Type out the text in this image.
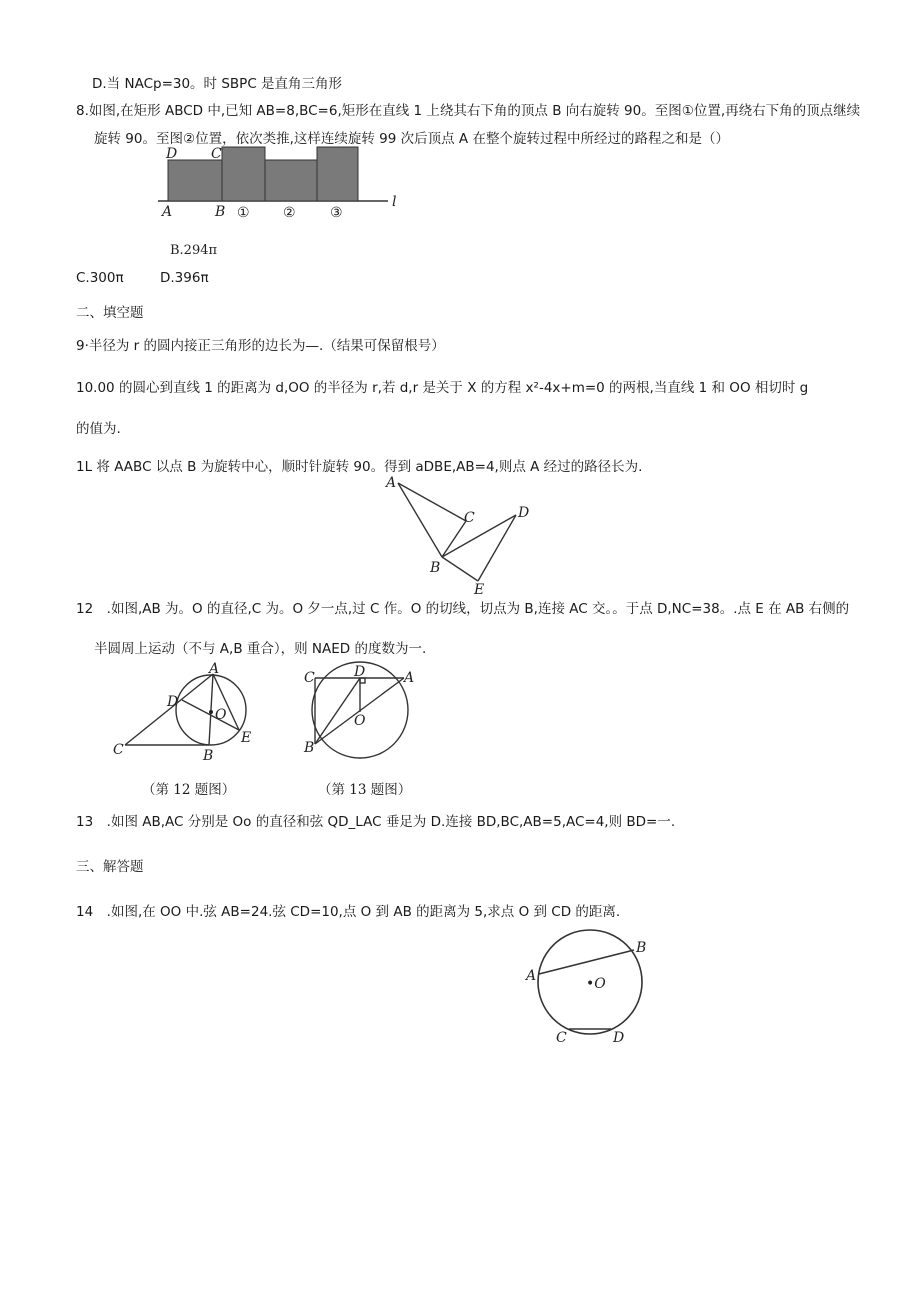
D.当 NACp=30。时 SBPC 是直角三角形
8.如图,在矩形 ABCD 中,已知 AB=8,BC=6,矩形在直线 1 上绕其右下角的顶点 B 向右旋转 90。至图①位置,再绕右下角的顶点继续
旋转 90。至图②位置，依次类推,这样连续旋转 99 次后顶点 A 在整个旋转过程中所经过的路程之和是（）
D C
A	B
l
① ② ③
B.294π
C.300π	D.396π
二、填空题
9·半径为 r 的圆内接正三角形的边长为—.（结果可保留根号）
10.00 的圆心到直线 1 的距离为 d,OO 的半径为 r,若 d,r 是关于 X 的方程 x²-4x+m=0 的两根,当直线 1 和 OO 相切时 g
的值为.
1L 将 AABC 以点 B 为旋转中心，顺时针旋转 90。得到 aDBE,AB=4,则点 A 经过的路径长为.
A
B
C	D
E
12　.如图,AB 为。O 的直径,C 为。O 夕一点,过 C 作。O 的切线，切点为 B,连接 AC 交。。于点 D,NC=38。.点 E 在 AB 右侧的
半圆周上运动（不与 A,B 重合），则 NAED 的度数为一.
A
B
C
D
E
O
（第 12 题图）
C	D	A
B
O
（第 13 题图）
13　.如图 AB,AC 分别是 Oo 的直径和弦 QD_LAC 垂足为 D.连接 BD,BC,AB=5,AC=4,则 BD=一.
三、解答题
14　.如图,在 OO 中.弦 AB=24.弦 CD=10,点 O 到 AB 的距离为 5,求点 O 到 CD 的距离.
A
B
C	D
•O
